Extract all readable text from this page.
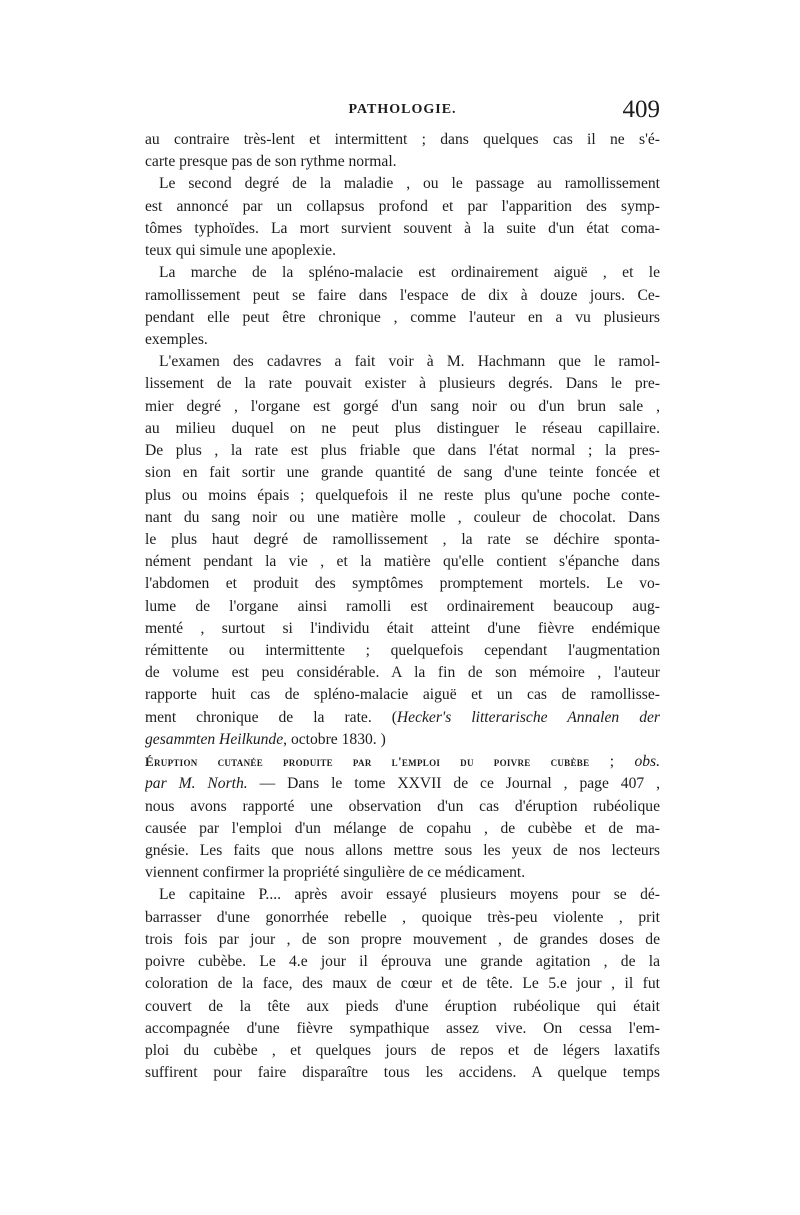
PATHOLOGIE.	409

au contraire très-lent et intermittent ; dans quelques cas il ne s'é-

carte presque pas de son rythme normal.

Le second degré de la maladie , ou le passage au ramollissement

est annoncé par un collapsus profond et par l'apparition des symp-

tômes typhoïdes. La mort survient souvent à la suite d'un état coma-

teux qui simule une apoplexie.

La marche de la spléno-malacie est ordinairement aiguë , et le

ramollissement peut se faire dans l'espace de dix à douze jours. Ce-

pendant elle peut être chronique , comme l'auteur en a vu plusieurs

exemples.

L'examen des cadavres a fait voir à M. Hachmann que le ramol-

lissement de la rate pouvait exister à plusieurs degrés. Dans le pre-

mier degré , l'organe est gorgé d'un sang noir ou d'un brun sale ,

au milieu duquel on ne peut plus distinguer le réseau capillaire.

De plus , la rate est plus friable que dans l'état normal ; la pres-

sion en fait sortir une grande quantité de sang d'une teinte foncée et

plus ou moins épais ; quelquefois il ne reste plus qu'une poche conte-

nant du sang noir ou une matière molle , couleur de chocolat. Dans

le plus haut degré de ramollissement , la rate se déchire sponta-

nément pendant la vie , et la matière qu'elle contient s'épanche dans

l'abdomen et produit des symptômes promptement mortels. Le vo-

lume de l'organe ainsi ramolli est ordinairement beaucoup aug-

menté , surtout si l'individu était atteint d'une fièvre endémique

rémittente ou intermittente ; quelquefois cependant l'augmentation

de volume est peu considérable. A la fin de son mémoire , l'auteur

rapporte huit cas de spléno-malacie aiguë et un cas de ramollisse-

ment chronique de la rate. (Hecker's litterarische Annalen der

gesammten Heilkunde, octobre 1830. )

Éruption cutanée produite par l'emploi du poivre cubèbe ; obs.

par M. North. — Dans le tome XXVII de ce Journal , page 407 ,

nous avons rapporté une observation d'un cas d'éruption rubéolique

causée par l'emploi d'un mélange de copahu , de cubèbe et de ma-

gnésie. Les faits que nous allons mettre sous les yeux de nos lecteurs

viennent confirmer la propriété singulière de ce médicament.

Le capitaine P.... après avoir essayé plusieurs moyens pour se dé-

barrasser d'une gonorrhée rebelle , quoique très-peu violente , prit

trois fois par jour , de son propre mouvement , de grandes doses de

poivre cubèbe. Le 4.e jour il éprouva une grande agitation , de la

coloration de la face, des maux de cœur et de tête. Le 5.e jour , il fut

couvert de la tête aux pieds d'une éruption rubéolique qui était

accompagnée d'une fièvre sympathique assez vive. On cessa l'em-

ploi du cubèbe , et quelques jours de repos et de légers laxatifs

suffirent pour faire disparaître tous les accidens. A quelque temps
